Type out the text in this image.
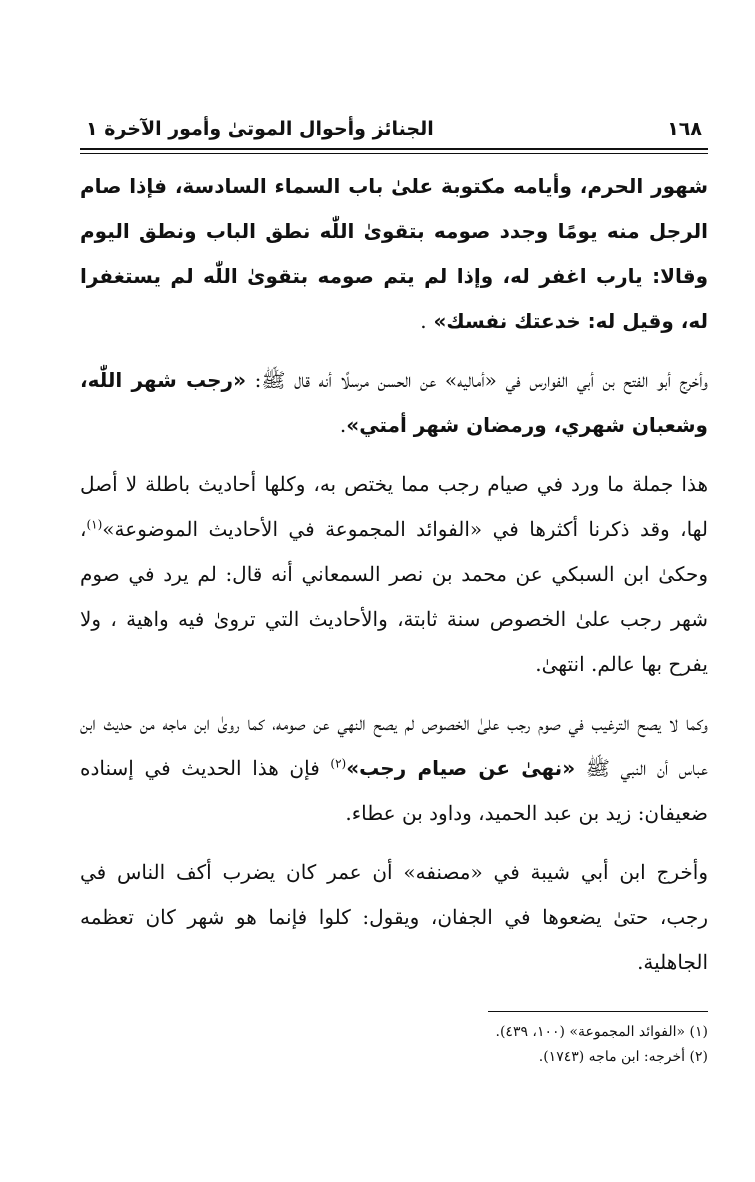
١٦٨
الجنائز وأحوال الموتىٰ وأمور الآخرة ١

شهور الحرم، وأيامه مكتوبة علىٰ باب السماء السادسة، فإذا صام الرجل منه يومًا وجدد صومه بتقوىٰ اللّٰه نطق الباب ونطق اليوم وقالا: يارب اغفر له، وإذا لم يتم صومه بتقوىٰ اللّٰه لم يستغفرا له، وقيل له: خدعتك نفسك» .

وأخرج أبو الفتح بن أبي الفوارس في «أماليه» عن الحسن مرسلًا أنه قال ﷺ: «رجب شهر اللّٰه، وشعبان شهري، ورمضان شهر أمتي».

هذا جملة ما ورد في صيام رجب مما يختص به، وكلها أحاديث باطلة لا أصل لها، وقد ذكرنا أكثرها في «الفوائد المجموعة في الأحاديث الموضوعة»$^{(١)}$، وحكىٰ ابن السبكي عن محمد بن نصر السمعاني أنه قال: لم يرد في صوم شهر رجب علىٰ الخصوص سنة ثابتة، والأحاديث التي تروىٰ فيه واهية ، ولا يفرح بها عالم. انتهىٰ.

وكما لا يصح الترغيب في صوم رجب علىٰ الخصوص لم يصح النهي عن صومه، كما روىٰ ابن ماجه من حديث ابن عباس أن النبي ﷺ «نهىٰ عن صيام رجب»$^{(٢)}$ فإن هذا الحديث في إسناده ضعيفان: زيد بن عبد الحميد، وداود بن عطاء.

وأخرج ابن أبي شيبة في «مصنفه» أن عمر كان يضرب أكف الناس في رجب، حتىٰ يضعوها في الجفان، ويقول: كلوا فإنما هو شهر كان تعظمه الجاهلية.

(١) «الفوائد المجموعة» (١٠٠، ٤٣٩).

(٢) أخرجه: ابن ماجه (١٧٤٣).
